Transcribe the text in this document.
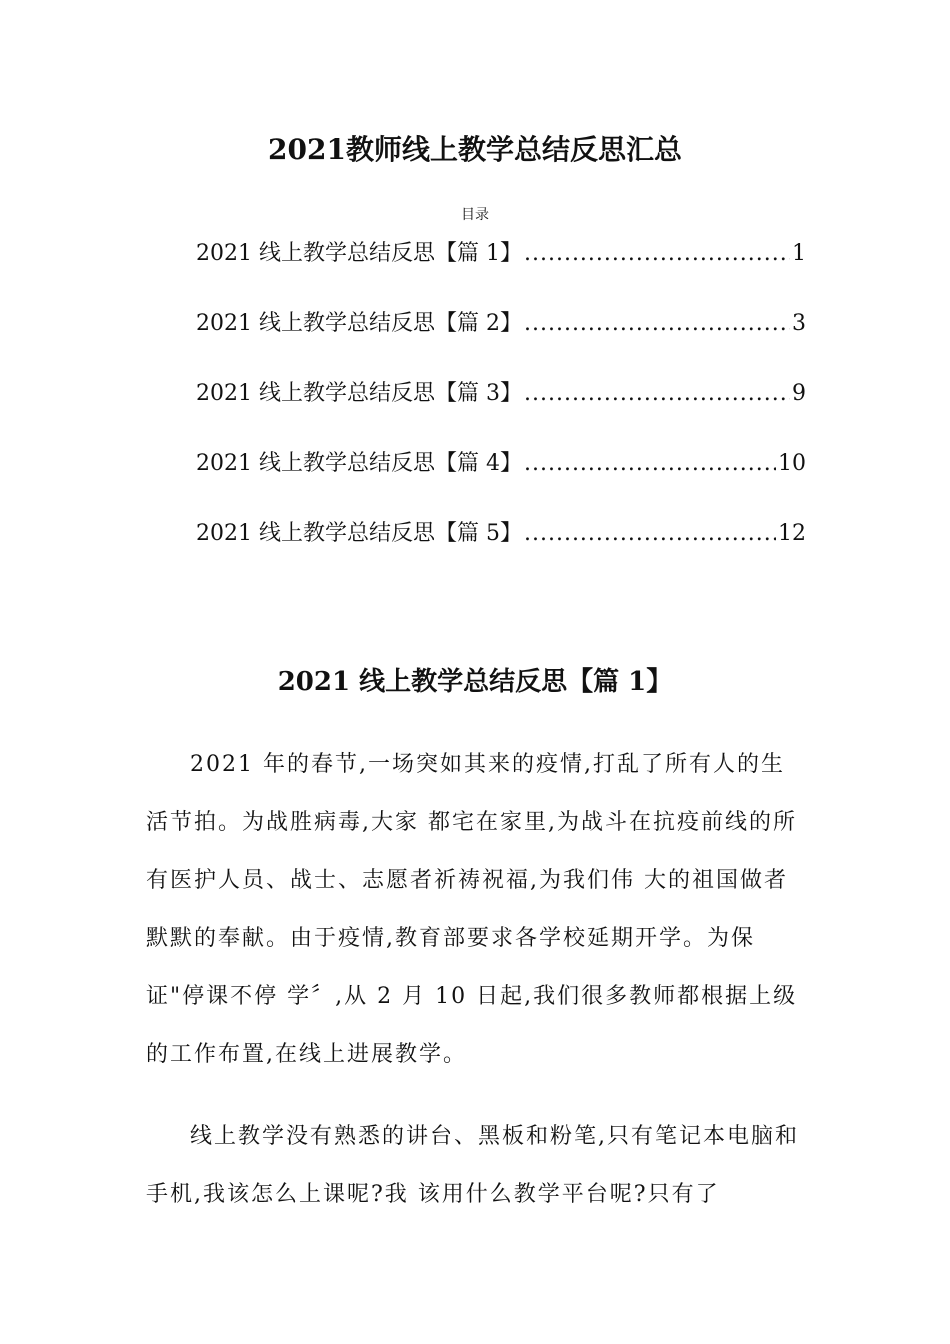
2021教师线上教学总结反思汇总
目录
2021 线上教学总结反思【篇 1】 .....	1
2021 线上教学总结反思【篇 2】 .....	3
2021 线上教学总结反思【篇 3】 .....	9
2021 线上教学总结反思【篇 4】 .....	10
2021 线上教学总结反思【篇 5】 .....	12
2021 线上教学总结反思【篇 1】

2021 年的春节,一场突如其来的疫情,打乱了所有人的生活节拍。为战胜病毒,大家 都宅在家里,为战斗在抗疫前线的所有医护人员、战士、志愿者祈祷祝福,为我们伟 大的祖国做者默默的奉献。由于疫情,教育部要求各学校延期开学。为保证"停课不停 学〞,从 2 月 10 日起,我们很多教师都根据上级的工作布置,在线上进展教学。

线上教学没有熟悉的讲台、黑板和粉笔,只有笔记本电脑和手机,我该怎么上课呢?我 该用什么教学平台呢?只有了
